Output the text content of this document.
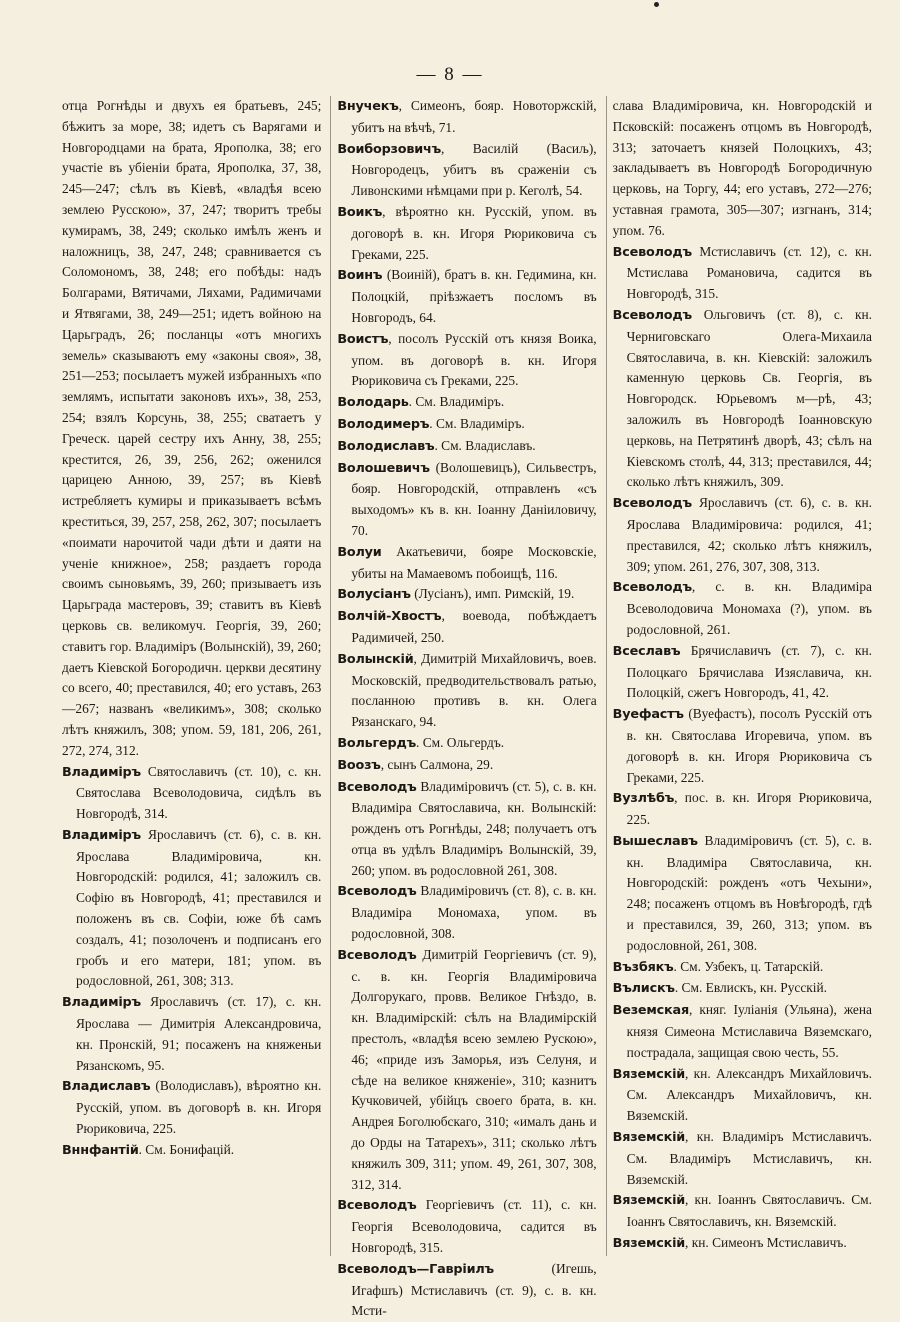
— 8 —

отца Рогнѣды и двухъ ея братьевъ, 245; бѣжитъ за море, 38; идетъ съ Варягами и Новгородцами на брата, Ярополка, 38; его участіе въ убіеніи брата, Ярополка, 37, 38, 245—247; сѣлъ въ Кіевѣ, «владѣя всею землею Русскою», 37, 247; творитъ требы кумирамъ, 38, 249; сколько имѣлъ женъ и наложницъ, 38, 247, 248; сравнивается съ Соломономъ, 38, 248; его побѣды: надъ Болгарами, Вятичами, Ляхами, Радимичами и Ятвягами, 38, 249—251; идетъ войною на Царьградъ, 26; посланцы «отъ многихъ земель» сказываютъ ему «законы своя», 38, 251—253; посылаетъ мужей избранныхъ «по землямъ, испытати законовъ ихъ», 38, 253, 254; взялъ Корсунь, 38, 255; сватаетъ у Греческ. царей сестру ихъ Анну, 38, 255; крестится, 26, 39, 256, 262; оженился царицею Анною, 39, 257; въ Кіевѣ истребляетъ кумиры и приказываетъ всѣмъ креститься, 39, 257, 258, 262, 307; посылаетъ «поимати нарочитой чади дѣти и даяти на ученіе книжное», 258; раздаетъ города своимъ сыновьямъ, 39, 260; призываетъ изъ Царьграда мастеровъ, 39; ставитъ въ Кіевѣ церковь св. великомуч. Георгія, 39, 260; ставитъ гор. Владиміръ (Волынскій), 39, 260; даетъ Кіевской Богородичн. церкви десятину со всего, 40; преставился, 40; его уставъ, 263—267; названъ «великимъ», 308; сколько лѣтъ княжилъ, 308; упом. 59, 181, 206, 261, 272, 274, 312.

Владиміръ Святославичъ (ст. 10), с. кн. Святослава Всеволодовича, сидѣлъ въ Новгородѣ, 314.

Владиміръ Ярославичъ (ст. 6), с. в. кн. Ярослава Владиміровича, кн. Новгородскій: родился, 41; заложилъ св. Софію въ Новгородѣ, 41; преставился и положенъ въ св. Софіи, юже бѣ самъ создалъ, 41; позолоченъ и подписанъ его гробъ и его матери, 181; упом. въ родословной, 261, 308; 313.

Владиміръ Ярославичъ (ст. 17), с. кн. Ярослава — Димитрія Александровича, кн. Пронскій, 91; посаженъ на княженьи Рязанскомъ, 95.

Владиславъ (Володиславъ), вѣроятно кн. Русскій, упом. въ договорѣ в. кн. Игоря Рюриковича, 225.

Вннфантій. См. Бонифацій.

Внучекъ, Симеонъ, бояр. Новоторжскій, убитъ на вѣчѣ, 71.

Воиборзовичъ, Василій (Васиљ), Новгородецъ, убитъ въ сраженіи съ Ливонскими нѣмцами при р. Кеголѣ, 54.

Воикъ, вѣроятно кн. Русскій, упом. въ договорѣ в. кн. Игоря Рюриковича съ Греками, 225.

Воинъ (Воиній), братъ в. кн. Гедимина, кн. Полоцкій, пріѣзжаетъ посломъ въ Новгородъ, 64.

Воистъ, посолъ Русскій отъ князя Воика, упом. въ договорѣ в. кн. Игоря Рюриковича съ Греками, 225.

Володарь. См. Владиміръ.

Володимеръ. См. Владиміръ.

Володиславъ. См. Владиславъ.

Волошевичъ (Волошевицъ), Сильвестръ, бояр. Новгородскій, отправленъ «съ выходомъ» къ в. кн. Іоанну Даніиловичу, 70.

Волуи Акатьевичи, бояре Московскіе, убиты на Мамаевомъ побоищѣ, 116.

Волусіанъ (Лусіанъ), имп. Римскій, 19.

Волчій-Хвостъ, воевода, побѣждаетъ Радимичей, 250.

Волынскій, Димитрій Михайловичъ, воев. Московскій, предводительствовалъ ратью, посланною противъ в. кн. Олега Рязанскаго, 94.

Вольгердъ. См. Ольгердъ.

Воозъ, сынъ Салмона, 29.

Всеволодъ Владиміровичъ (ст. 5), с. в. кн. Владиміра Святославича, кн. Волынскій: рожденъ отъ Рогнѣды, 248; получаетъ отъ отца въ удѣлъ Владиміръ Волынскій, 39, 260; упом. въ родословной 261, 308.

Всеволодъ Владиміровичъ (ст. 8), с. в. кн. Владиміра Мономаха, упом. въ родословной, 308.

Всеволодъ Димитрій Георгіевичъ (ст. 9), с. в. кн. Георгія Владиміровича Долгорукаго, провв. Великое Гнѣздо, в. кн. Владимірскій: сѣлъ на Владимірскій престолъ, «владѣя всею землею Рускою», 46; «приде изъ Заморья, изъ Селуня, и сѣде на великое княженіе», 310; казнитъ Кучковичей, убійцъ своего брата, в. кн. Андрея Боголюбскаго, 310; «ималъ дань и до Орды на Татарехъ», 311; сколько лѣтъ княжилъ 309, 311; упом. 49, 261, 307, 308, 312, 314.

Всеволодъ Георгіевичъ (ст. 11), с. кн. Георгія Всеволодовича, садится въ Новгородѣ, 315.

Всеволодъ—Гавріилъ (Игешь, Игафшъ) Мстиславичъ (ст. 9), с. в. кн. Мсти-

слава Владиміровича, кн. Новгородскій и Псковскій: посаженъ отцомъ въ Новгородѣ, 313; заточаетъ князей Полоцкихъ, 43; закладываетъ въ Новгородѣ Богородичную церковь, на Торгу, 44; его уставъ, 272—276; уставная грамота, 305—307; изгнанъ, 314; упом. 76.

Всеволодъ Мстиславичъ (ст. 12), с. кн. Мстислава Романовича, садится въ Новгородѣ, 315.

Всеволодъ Ольговичъ (ст. 8), с. кн. Черниговскаго Олега-Михаила Святославича, в. кн. Кіевскій: заложилъ каменную церковь Св. Георгія, въ Новгородск. Юрьевомъ м—рѣ, 43; заложилъ въ Новгородѣ Іоанновскую церковь, на Петрятинѣ дворѣ, 43; сѣлъ на Кіевскомъ столѣ, 44, 313; преставился, 44; сколько лѣтъ княжилъ, 309.

Всеволодъ Ярославичъ (ст. 6), с. в. кн. Ярослава Владиміровича: родился, 41; преставился, 42; сколько лѣтъ княжилъ, 309; упом. 261, 276, 307, 308, 313.

Всеволодъ, с. в. кн. Владиміра Всеволодовича Мономаха (?), упом. въ родословной, 261.

Всеславъ Брячиславичъ (ст. 7), с. кн. Полоцкаго Брячислава Изяславича, кн. Полоцкій, сжегъ Новгородъ, 41, 42.

Вуефастъ (Вуефастъ), посолъ Русскій отъ в. кн. Святослава Игоревича, упом. въ договорѣ в. кн. Игоря Рюриковича съ Греками, 225.

Вузлѣбъ, пос. в. кн. Игоря Рюриковича, 225.

Вышеславъ Владиміровичъ (ст. 5), с. в. кн. Владиміра Святославича, кн. Новгородскій: рожденъ «отъ Чехыни», 248; посаженъ отцомъ въ Новѣгородѣ, гдѣ и преставился, 39, 260, 313; упом. въ родословной, 261, 308.

Възбякъ. См. Узбекъ, ц. Татарскій.

Вълискъ. См. Евлискъ, кн. Русскій.

Веземская, княг. Іуліанія (Ульяна), жена князя Симеона Мстиславича Вяземскаго, пострадала, защищая свою честь, 55.

Вяземскій, кн. Александръ Михайловичъ. См. Александръ Михайловичъ, кн. Вяземскій.

Вяземскій, кн. Владиміръ Мстиславичъ. См. Владиміръ Мстиславичъ, кн. Вяземскій.

Вяземскій, кн. Іоаннъ Святославичъ. См. Іоаннъ Святославичъ, кн. Вяземскій.

Вяземскій, кн. Симеонъ Мстиславичъ.
